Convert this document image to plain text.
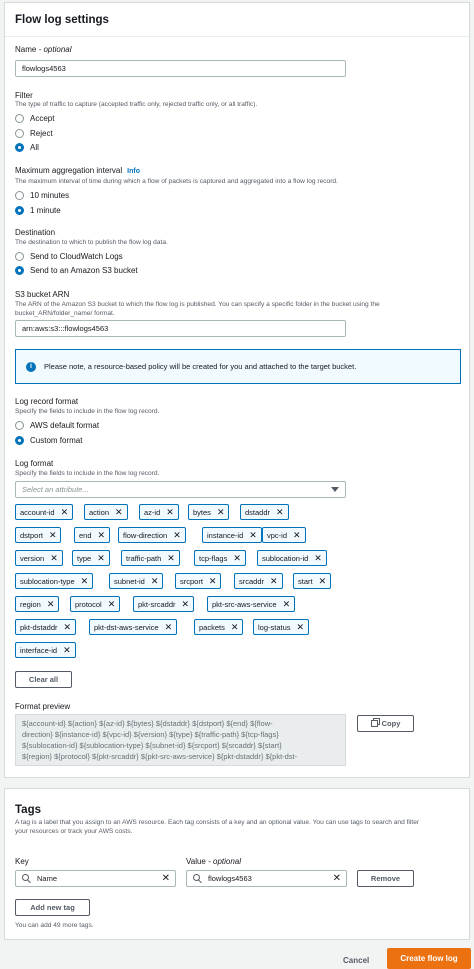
Flow log settings
Name - optional
flowlogs4563
Filter
The type of traffic to capture (accepted traffic only, rejected traffic only, or all traffic).
Accept
Reject
All
Maximum aggregation interval Info
The maximum interval of time during which a flow of packets is captured and aggregated into a flow log record.
10 minutes
1 minute
Destination
The destination to which to publish the flow log data.
Send to CloudWatch Logs
Send to an Amazon S3 bucket
S3 bucket ARN
The ARN of the Amazon S3 bucket to which the flow log is published. You can specify a specific folder in the bucket using the
bucket_ARN/folder_name/ format.
arn:aws:s3:::flowlogs4563
i	Please note, a resource-based policy will be created for you and attached to the target bucket.
Log record format
Specify the fields to include in the flow log record.
AWS default format
Custom format
Log format
Specify the fields to include in the flow log record.
Select an attribute...
account-id ✕	action ✕	az-id ✕	bytes ✕	dstaddr ✕
dstport ✕	end ✕ flow-direction ✕	instance-id ✕ vpc-id ✕
version ✕	type ✕	traffic-path ✕	tcp-flags ✕	sublocation-id ✕
sublocation-type ✕	subnet-id ✕	srcport ✕	srcaddr ✕	start ✕
region ✕	protocol ✕	pkt-srcaddr ✕	pkt-src-aws-service ✕
pkt-dstaddr ✕	pkt-dst-aws-service ✕	packets ✕	log-status ✕
interface-id ✕
Clear all
Format preview
${account-id} ${action} ${az-id} ${bytes} ${dstaddr} ${dstport} ${end} ${flow-
direction} ${instance-id} ${vpc-id} ${version} ${type} ${traffic-path} ${tcp-flags}
${sublocation-id} ${sublocation-type} ${subnet-id} ${srcport} ${srcaddr} ${start}
${region} ${protocol} ${pkt-srcaddr} ${pkt-src-aws-service} ${pkt-dstaddr} ${pkt-dst-
Copy
Tags
A tag is a label that you assign to an AWS resource. Each tag consists of a key and an optional value. You can use tags to search and filter
your resources or track your AWS costs.
Key	Value - optional
Name	✕	flowlogs4563	✕	Remove
Add new tag
You can add 49 more tags.
Cancel	Create flow log
